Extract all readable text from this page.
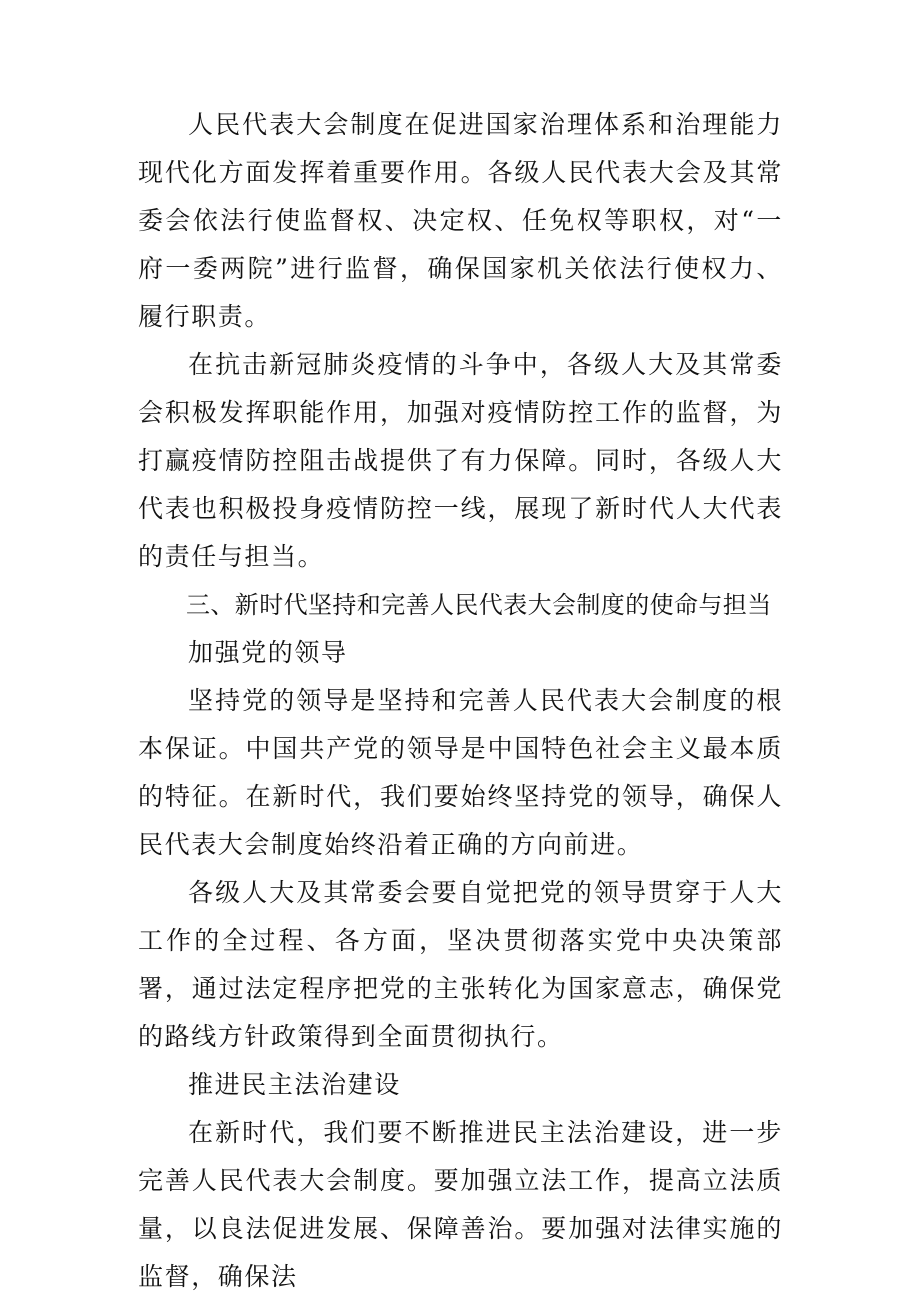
人民代表大会制度在促进国家治理体系和治理能力现代化方面发挥着重要作用。各级人民代表大会及其常委会依法行使监督权、决定权、任免权等职权，对“一府一委两院”进行监督，确保国家机关依法行使权力、履行职责。

在抗击新冠肺炎疫情的斗争中，各级人大及其常委会积极发挥职能作用，加强对疫情防控工作的监督，为打赢疫情防控阻击战提供了有力保障。同时，各级人大代表也积极投身疫情防控一线，展现了新时代人大代表的责任与担当。

三、新时代坚持和完善人民代表大会制度的使命与担当

加强党的领导

坚持党的领导是坚持和完善人民代表大会制度的根本保证。中国共产党的领导是中国特色社会主义最本质的特征。在新时代，我们要始终坚持党的领导，确保人民代表大会制度始终沿着正确的方向前进。

各级人大及其常委会要自觉把党的领导贯穿于人大工作的全过程、各方面，坚决贯彻落实党中央决策部署，通过法定程序把党的主张转化为国家意志，确保党的路线方针政策得到全面贯彻执行。

推进民主法治建设

在新时代，我们要不断推进民主法治建设，进一步完善人民代表大会制度。要加强立法工作，提高立法质量，以良法促进发展、保障善治。要加强对法律实施的监督，确保法
